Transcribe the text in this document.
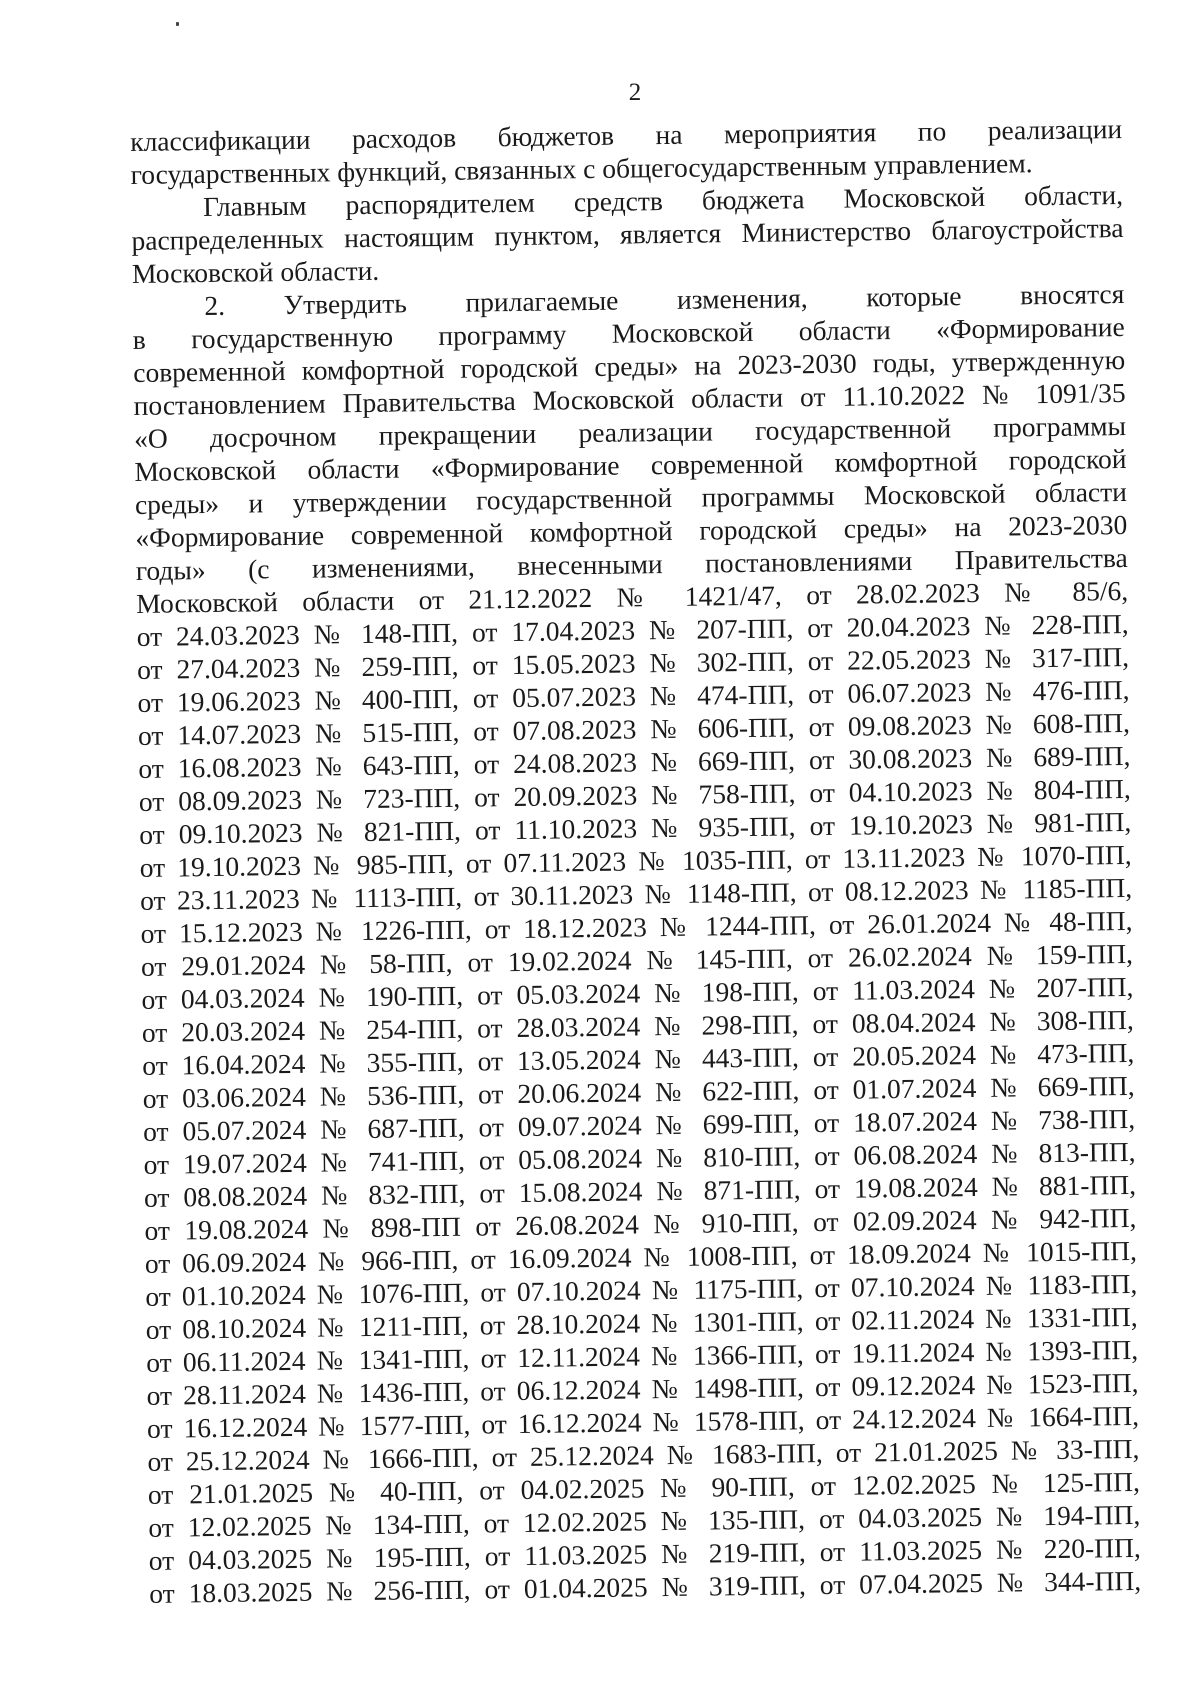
2
классификации расходов бюджетов на мероприятия по реализации
государственных функций, связанных с общегосударственным управлением.
Главным распорядителем средств бюджета Московской области,
распределенных настоящим пунктом, является Министерство благоустройства
Московской области.
2. Утвердить прилагаемые изменения, которые вносятся
в государственную программу Московской области «Формирование
современной комфортной городской среды» на 2023-2030 годы, утвержденную
постановлением Правительства Московской области от 11.10.2022 № 1091/35
«О досрочном прекращении реализации государственной программы
Московской области «Формирование современной комфортной городской
среды» и утверждении государственной программы Московской области
«Формирование современной комфортной городской среды» на 2023-2030
годы» (с изменениями, внесенными постановлениями Правительства
Московской области от 21.12.2022 № 1421/47, от 28.02.2023 № 85/6,
от 24.03.2023 № 148-ПП, от 17.04.2023 № 207-ПП, от 20.04.2023 № 228-ПП,
от 27.04.2023 № 259-ПП, от 15.05.2023 № 302-ПП, от 22.05.2023 № 317-ПП,
от 19.06.2023 № 400-ПП, от 05.07.2023 № 474-ПП, от 06.07.2023 № 476-ПП,
от 14.07.2023 № 515-ПП, от 07.08.2023 № 606-ПП, от 09.08.2023 № 608-ПП,
от 16.08.2023 № 643-ПП, от 24.08.2023 № 669-ПП, от 30.08.2023 № 689-ПП,
от 08.09.2023 № 723-ПП, от 20.09.2023 № 758-ПП, от 04.10.2023 № 804-ПП,
от 09.10.2023 № 821-ПП, от 11.10.2023 № 935-ПП, от 19.10.2023 № 981-ПП,
от 19.10.2023 № 985-ПП, от 07.11.2023 № 1035-ПП, от 13.11.2023 № 1070-ПП,
от 23.11.2023 № 1113-ПП, от 30.11.2023 № 1148-ПП, от 08.12.2023 № 1185-ПП,
от 15.12.2023 № 1226-ПП, от 18.12.2023 № 1244-ПП, от 26.01.2024 № 48-ПП,
от 29.01.2024 № 58-ПП, от 19.02.2024 № 145-ПП, от 26.02.2024 № 159-ПП,
от 04.03.2024 № 190-ПП, от 05.03.2024 № 198-ПП, от 11.03.2024 № 207-ПП,
от 20.03.2024 № 254-ПП, от 28.03.2024 № 298-ПП, от 08.04.2024 № 308-ПП,
от 16.04.2024 № 355-ПП, от 13.05.2024 № 443-ПП, от 20.05.2024 № 473-ПП,
от 03.06.2024 № 536-ПП, от 20.06.2024 № 622-ПП, от 01.07.2024 № 669-ПП,
от 05.07.2024 № 687-ПП, от 09.07.2024 № 699-ПП, от 18.07.2024 № 738-ПП,
от 19.07.2024 № 741-ПП, от 05.08.2024 № 810-ПП, от 06.08.2024 № 813-ПП,
от 08.08.2024 № 832-ПП, от 15.08.2024 № 871-ПП, от 19.08.2024 № 881-ПП,
от 19.08.2024 № 898-ПП от 26.08.2024 № 910-ПП, от 02.09.2024 № 942-ПП,
от 06.09.2024 № 966-ПП, от 16.09.2024 № 1008-ПП, от 18.09.2024 № 1015-ПП,
от 01.10.2024 № 1076-ПП, от 07.10.2024 № 1175-ПП, от 07.10.2024 № 1183-ПП,
от 08.10.2024 № 1211-ПП, от 28.10.2024 № 1301-ПП, от 02.11.2024 № 1331-ПП,
от 06.11.2024 № 1341-ПП, от 12.11.2024 № 1366-ПП, от 19.11.2024 № 1393-ПП,
от 28.11.2024 № 1436-ПП, от 06.12.2024 № 1498-ПП, от 09.12.2024 № 1523-ПП,
от 16.12.2024 № 1577-ПП, от 16.12.2024 № 1578-ПП, от 24.12.2024 № 1664-ПП,
от 25.12.2024 № 1666-ПП, от 25.12.2024 № 1683-ПП, от 21.01.2025 № 33-ПП,
от 21.01.2025 № 40-ПП, от 04.02.2025 № 90-ПП, от 12.02.2025 № 125-ПП,
от 12.02.2025 № 134-ПП, от 12.02.2025 № 135-ПП, от 04.03.2025 № 194-ПП,
от 04.03.2025 № 195-ПП, от 11.03.2025 № 219-ПП, от 11.03.2025 № 220-ПП,
от 18.03.2025 № 256-ПП, от 01.04.2025 № 319-ПП, от 07.04.2025 № 344-ПП,
